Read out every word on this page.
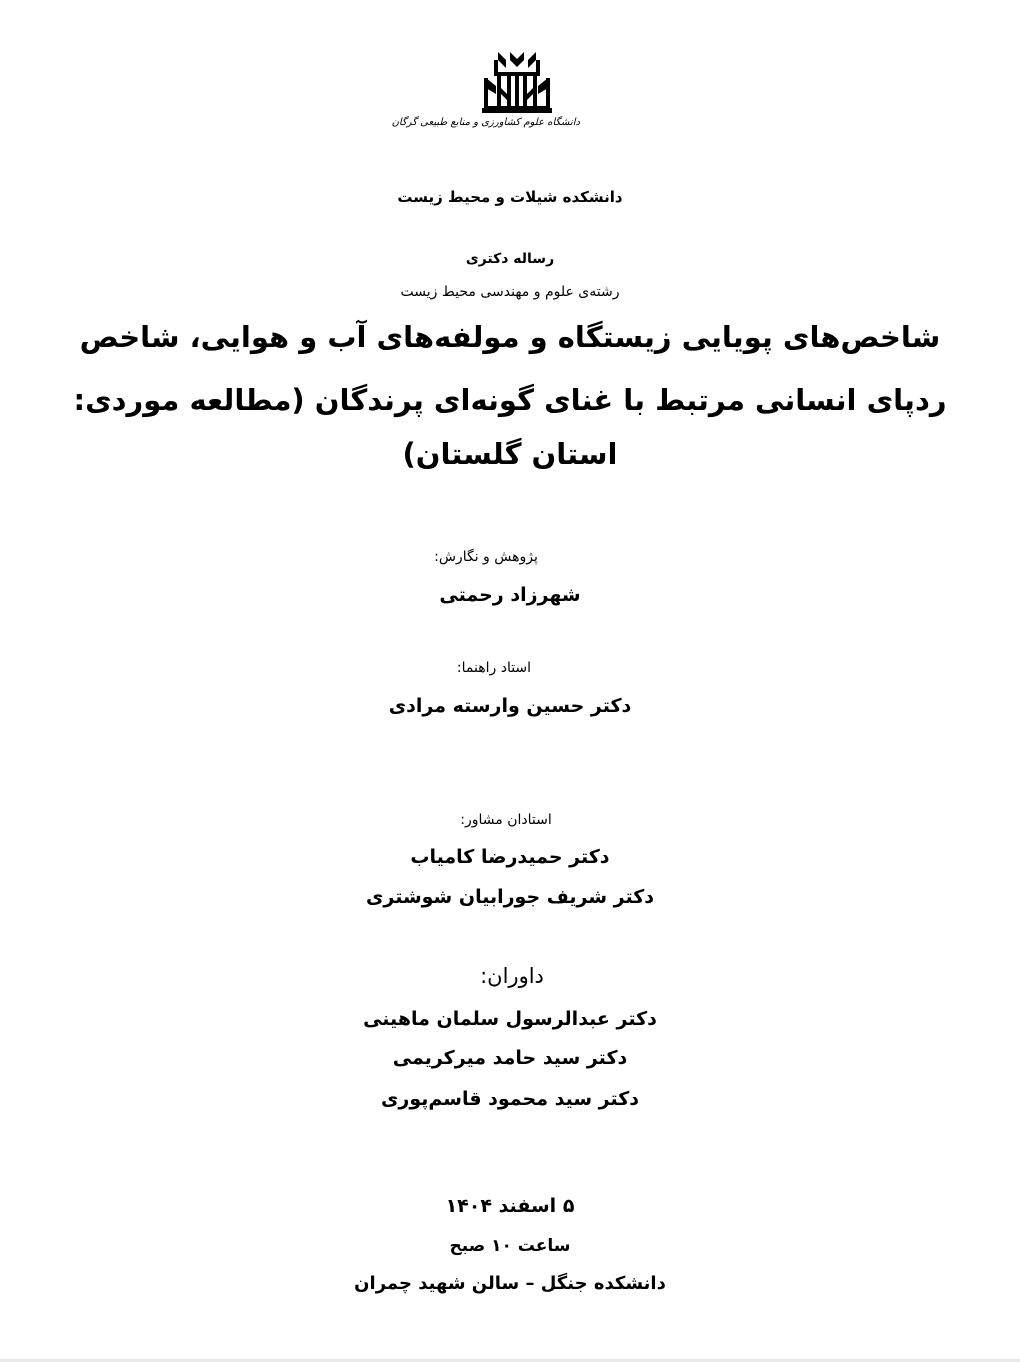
دانشگاه علوم کشاورزی و منابع طبیعی گرگان
دانشکده شیلات و محیط زیست
رساله دکتری
رشته‌ی علوم و مهندسی محیط زیست
شاخص‌های پویایی زیستگاه و مولفه‌های آب و هوایی، شاخص
ردپای انسانی مرتبط با غنای گونه‌ای پرندگان (مطالعه موردی:
استان گلستان)
پژوهش و نگارش:
شهرزاد رحمتی
استاد راهنما:
دکتر حسین وارسته مرادی
استادان مشاور:
دکتر حمیدرضا کامیاب
دکتر شریف جورابیان شوشتری
داوران:
دکتر عبدالرسول سلمان ماهینی
دکتر سید حامد میرکریمی
دکتر سید محمود قاسم‌پوری
۵ اسفند ۱۴۰۴
ساعت ۱۰ صبح
دانشکده جنگل – سالن شهید چمران
